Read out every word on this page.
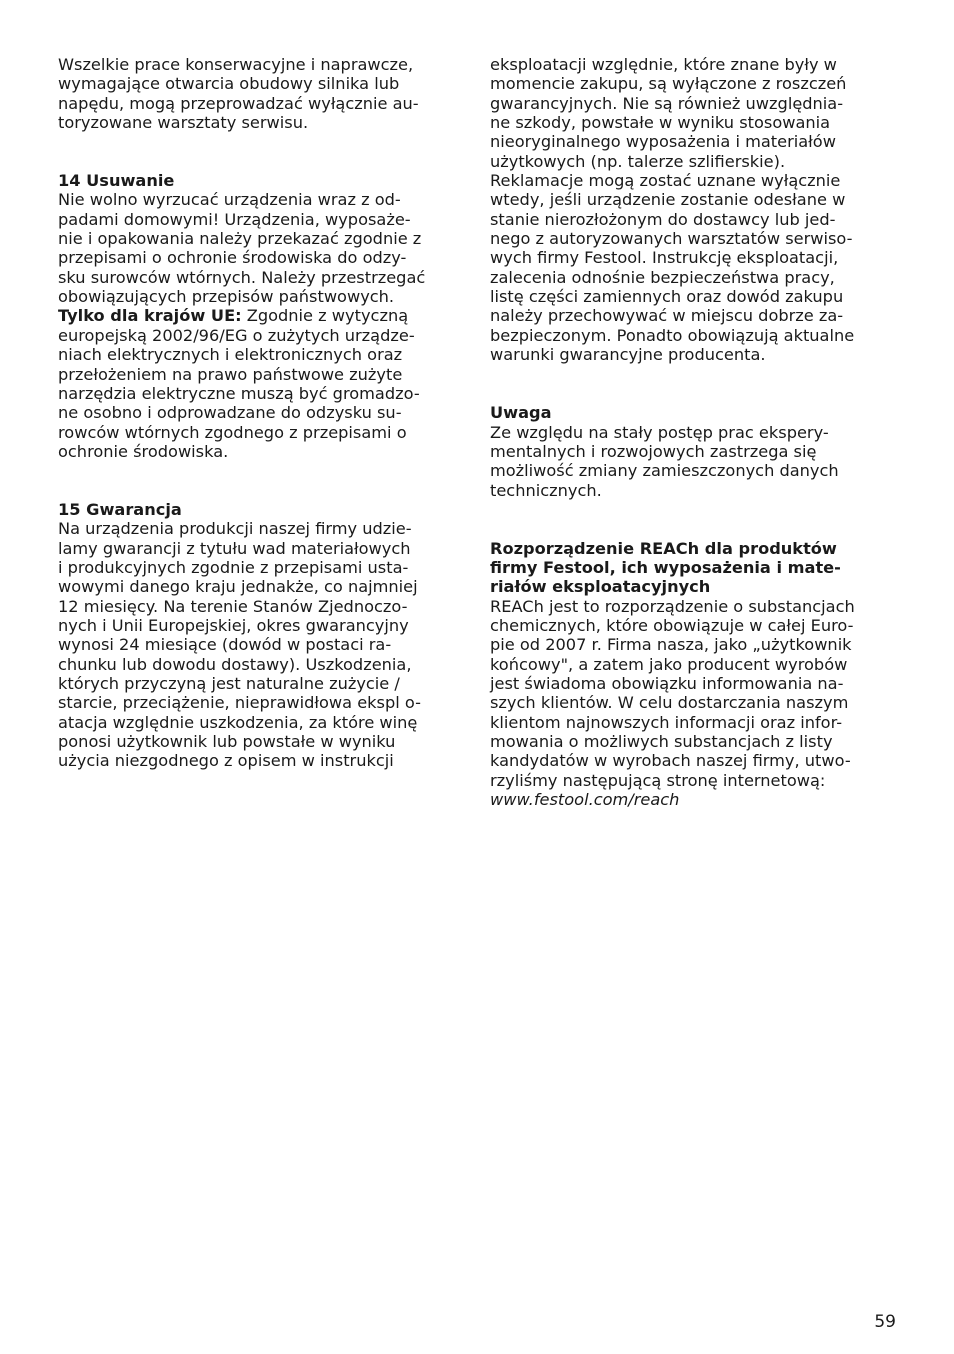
Wszelkie prace konserwacyjne i naprawcze,
wymagające otwarcia obudowy silnika lub
napędu, mogą przeprowadzać wyłącznie au-
toryzowane warsztaty serwisu.

14 Usuwanie

Nie wolno wyrzucać urządzenia wraz z od-
padami domowymi! Urządzenia, wyposaże-
nie i opakowania należy przekazać zgodnie z
przepisami o ochronie środowiska do odzy-
sku surowców wtórnych. Należy przestrzegać
obowiązujących przepisów państwowych.

Tylko dla krajów UE: Zgodnie z wytyczną
europejską 2002/96/EG o zużytych urządze-
niach elektrycznych i elektronicznych oraz
przełożeniem na prawo państwowe zużyte
narzędzia elektryczne muszą być gromadzo-
ne osobno i odprowadzane do odzysku su-
rowców wtórnych zgodnego z przepisami o
ochronie środowiska.

15 Gwarancja

Na urządzenia produkcji naszej firmy udzie-
lamy gwarancji z tytułu wad materiałowych
i produkcyjnych zgodnie z przepisami usta-
wowymi danego kraju jednakże, co najmniej
12 miesięcy. Na terenie Stanów Zjednoczo-
nych i Unii Europejskiej, okres gwarancyjny
wynosi 24 miesiące (dowód w postaci ra-
chunku lub dowodu dostawy). Uszkodzenia,
których przyczyną jest naturalne zużycie /
starcie, przeciążenie, nieprawidłowa ekspl o-
atacja względnie uszkodzenia, za które winę
ponosi użytkownik lub powstałe w wyniku
użycia niezgodnego z opisem w instrukcji

eksploatacji względnie, które znane były w
momencie zakupu, są wyłączone z roszczeń
gwarancyjnych. Nie są również uwzględnia-
ne szkody, powstałe w wyniku stosowania
nieoryginalnego wyposażenia i materiałów
użytkowych (np. talerze szlifierskie).
Reklamacje mogą zostać uznane wyłącznie
wtedy, jeśli urządzenie zostanie odesłane w
stanie nierozłożonym do dostawcy lub jed-
nego z autoryzowanych warsztatów serwiso-
wych firmy Festool. Instrukcję eksploatacji,
zalecenia odnośnie bezpieczeństwa pracy,
listę części zamiennych oraz dowód zakupu
należy przechowywać w miejscu dobrze za-
bezpieczonym. Ponadto obowiązują aktualne
warunki gwarancyjne producenta.

Uwaga

Ze względu na stały postęp prac ekspery-
mentalnych i rozwojowych zastrzega się
możliwość zmiany zamieszczonych danych
technicznych.

Rozporządzenie REACh dla produktów
firmy Festool, ich wyposażenia i mate-
riałów eksploatacyjnych

REACh jest to rozporządzenie o substancjach
chemicznych, które obowiązuje w całej Euro-
pie od 2007 r. Firma nasza, jako „użytkownik
końcowy", a zatem jako producent wyrobów
jest świadoma obowiązku informowania na-
szych klientów. W celu dostarczania naszym
klientom najnowszych informacji oraz infor-
mowania o możliwych substancjach z listy
kandydatów w wyrobach naszej firmy, utwo-
rzyliśmy następującą stronę internetową:

www.festool.com/reach

59
